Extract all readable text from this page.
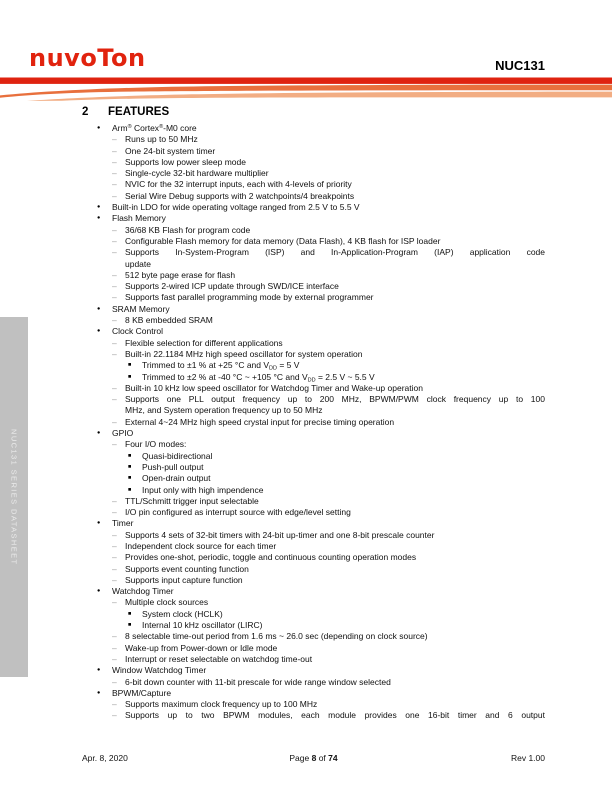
nuvoTon	NUC131
NUC131 SERIES DATASHEET
2 FEATURES
● Arm® Cortex®-M0 core
– Runs up to 50 MHz
– One 24-bit system timer
– Supports low power sleep mode
– Single-cycle 32-bit hardware multiplier
– NVIC for the 32 interrupt inputs, each with 4-levels of priority
– Serial Wire Debug supports with 2 watchpoints/4 breakpoints
● Built-in LDO for wide operating voltage ranged from 2.5 V to 5.5 V
● Flash Memory
– 36/68 KB Flash for program code
– Configurable Flash memory for data memory (Data Flash), 4 KB flash for ISP loader
– Supports In-System-Program (ISP) and In-Application-Program (IAP) application code
update
– 512 byte page erase for flash
– Supports 2-wired ICP update through SWD/ICE interface
– Supports fast parallel programming mode by external programmer
● SRAM Memory
– 8 KB embedded SRAM
● Clock Control
– Flexible selection for different applications
– Built-in 22.1184 MHz high speed oscillator for system operation
■ Trimmed to ±1 % at +25 °C and $V_{DD} = 5$ V
■ Trimmed to ±2 % at -40 °C ~ +105 °C and $V_{DD} = 2.5$ V ~ 5.5 V
– Built-in 10 kHz low speed oscillator for Watchdog Timer and Wake-up operation
– Supports one PLL output frequency up to 200 MHz, BPWM/PWM clock frequency up to 100
MHz, and System operation frequency up to 50 MHz
– External 4~24 MHz high speed crystal input for precise timing operation
● GPIO
– Four I/O modes:
■ Quasi-bidirectional
■ Push-pull output
■ Open-drain output
■ Input only with high impendence
– TTL/Schmitt trigger input selectable
– I/O pin configured as interrupt source with edge/level setting
● Timer
– Supports 4 sets of 32-bit timers with 24-bit up-timer and one 8-bit prescale counter
– Independent clock source for each timer
– Provides one-shot, periodic, toggle and continuous counting operation modes
– Supports event counting function
– Supports input capture function
● Watchdog Timer
– Multiple clock sources
■ System clock (HCLK)
■ Internal 10 kHz oscillator (LIRC)
– 8 selectable time-out period from 1.6 ms ~ 26.0 sec (depending on clock source)
– Wake-up from Power-down or Idle mode
– Interrupt or reset selectable on watchdog time-out
● Window Watchdog Timer
– 6-bit down counter with 11-bit prescale for wide range window selected
● BPWM/Capture
– Supports maximum clock frequency up to 100 MHz
– Supports up to two BPWM modules, each module provides one 16-bit timer and 6 output
Apr. 8, 2020	Page 8 of 74	Rev 1.00
